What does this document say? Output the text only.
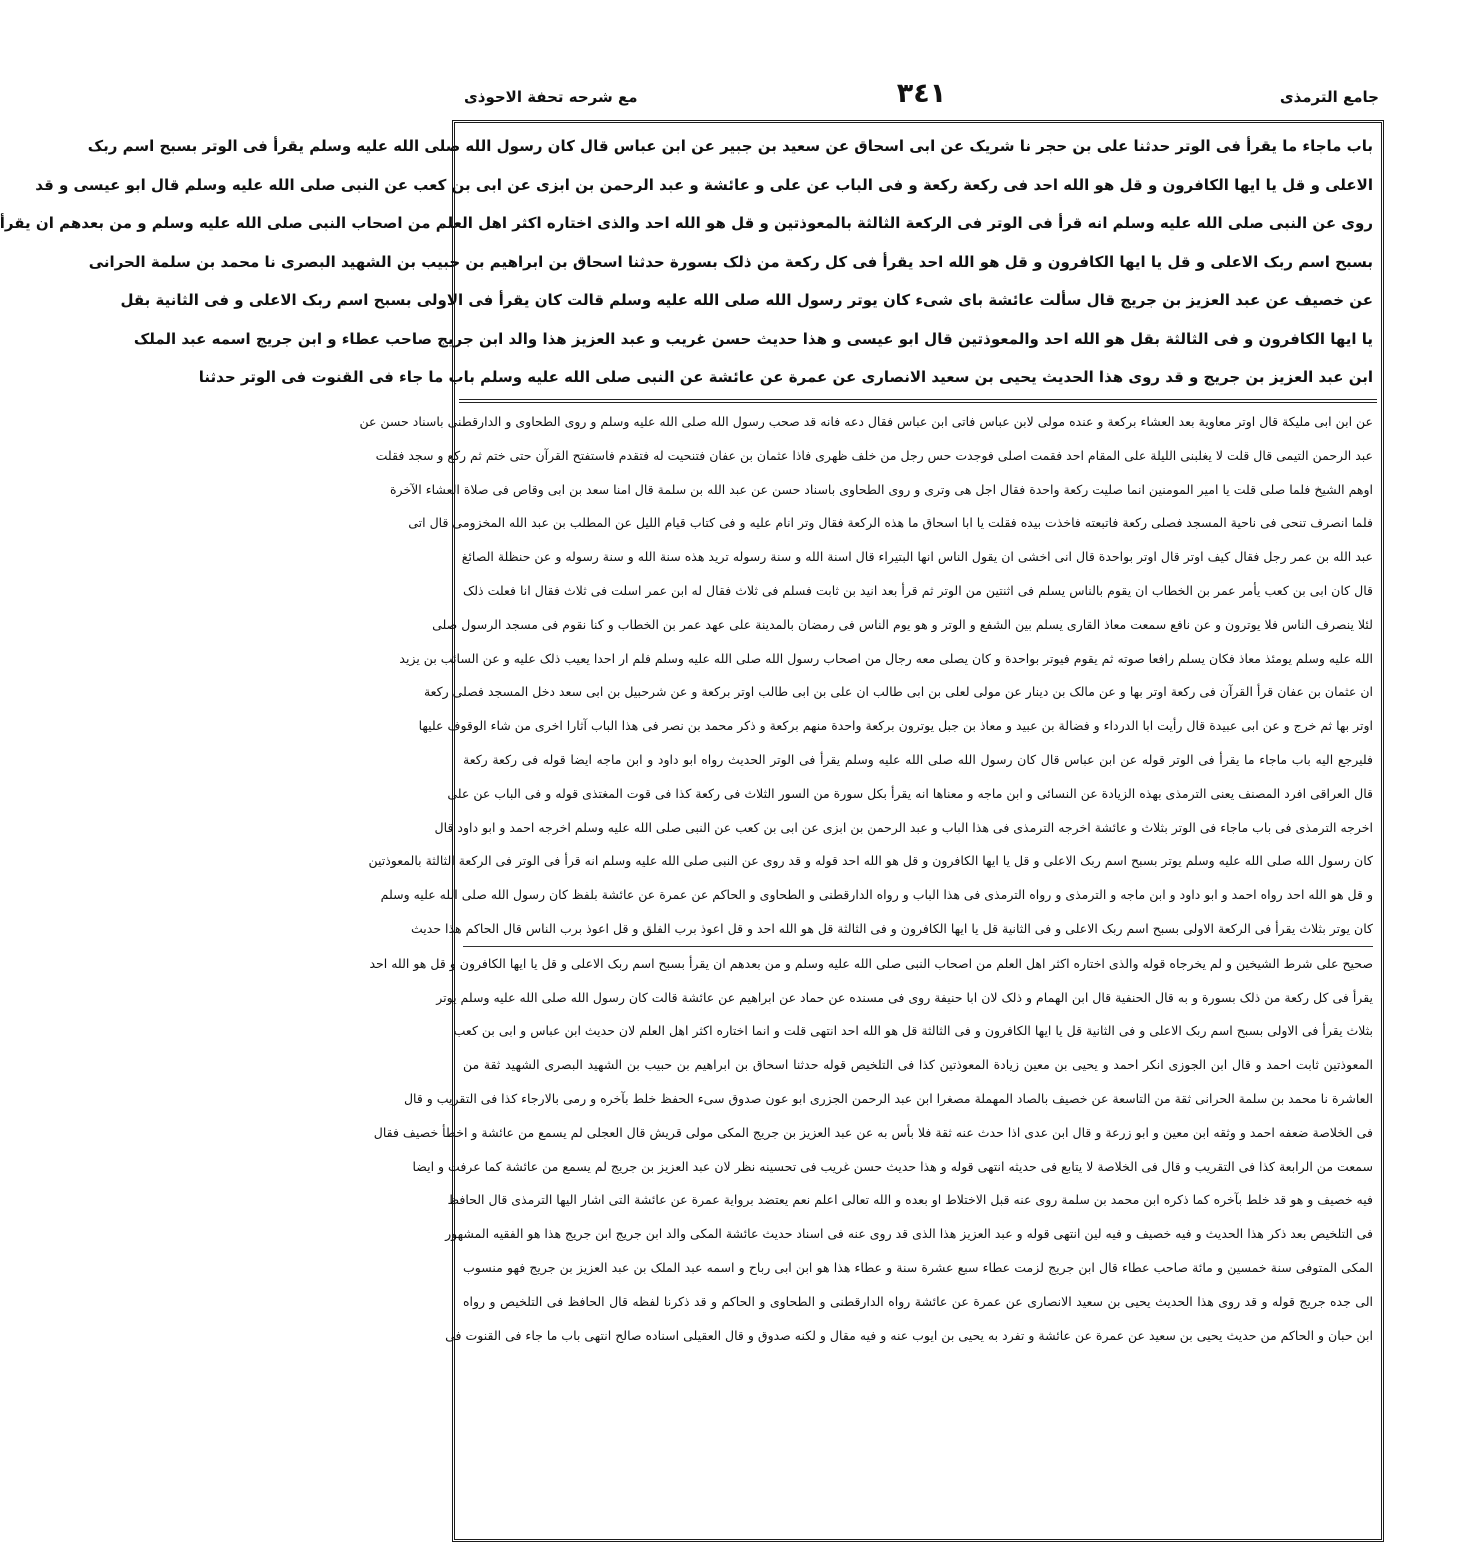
جامع الترمذی
٣٤١
مع شرحه تحفة الاحوذی
باب ماجاء ما یقرأ فی الوتر حدثنا علی بن حجر نا شریک عن ابی اسحاق عن سعید بن جبیر عن ابن عباس قال کان رسول الله صلی الله علیه وسلم یقرأ فی الوتر بسبح اسم ربک
الاعلی و قل یا ایها الکافرون و قل هو الله احد فی رکعة رکعة و فی الباب عن علی و عائشة و عبد الرحمن بن ابزی عن ابی بن کعب عن النبی صلی الله علیه وسلم قال ابو عیسی و قد
روی عن النبی صلی الله علیه وسلم انه قرأ فی الوتر فی الرکعة الثالثة بالمعوذتین و قل هو الله احد والذی اختاره اکثر اهل العلم من اصحاب النبی صلی الله علیه وسلم و من بعدهم ان یقرأ
بسبح اسم ربک الاعلی و قل یا ایها الکافرون و قل هو الله احد یقرأ فی کل رکعة من ذلک بسورة حدثنا اسحاق بن ابراهیم بن حبیب بن الشهید البصری نا محمد بن سلمة الحرانی
عن خصیف عن عبد العزیز بن جریج قال سألت عائشة بای شیء کان یوتر رسول الله صلی الله علیه وسلم قالت کان یقرأ فی الاولی بسبح اسم ربک الاعلی و فی الثانیة بقل
یا ایها الکافرون و فی الثالثة بقل هو الله احد والمعوذتین قال ابو عیسی و هذا حدیث حسن غریب و عبد العزیز هذا والد ابن جریج صاحب عطاء و ابن جریج اسمه عبد الملک
ابن عبد العزیز بن جریج و قد روی هذا الحدیث یحیی بن سعید الانصاری عن عمرة عن عائشة عن النبی صلی الله علیه وسلم باب ما جاء فی القنوت فی الوتر حدثنا
عن ابن ابی ملیکة قال اوتر معاویة بعد العشاء برکعة و عنده مولی لابن عباس فاتی ابن عباس فقال دعه فانه قد صحب رسول الله صلی الله علیه وسلم و روی الطحاوی و الدارقطنی باسناد حسن عن
عبد الرحمن التیمی قال قلت لا یغلبنی اللیلة علی المقام احد فقمت اصلی فوجدت حس رجل من خلف ظهری فاذا عثمان بن عفان فتنحیت له فتقدم فاستفتح القرآن حتی ختم ثم رکع و سجد فقلت
اوهم الشیخ فلما صلی قلت یا امیر المومنین انما صلیت رکعة واحدة فقال اجل هی وتری و روی الطحاوی باسناد حسن عن عبد الله بن سلمة قال امنا سعد بن ابی وقاص فی صلاة العشاء الآخرة
فلما انصرف تنحی فی ناحیة المسجد فصلی رکعة فاتبعته فاخذت بیده فقلت یا ابا اسحاق ما هذه الرکعة فقال وتر انام علیه و فی کتاب قیام اللیل عن المطلب بن عبد الله المخزومی قال اتی
عبد الله بن عمر رجل فقال کیف اوتر قال اوتر بواحدة قال انی اخشی ان یقول الناس انها البتیراء قال اسنة الله و سنة رسوله ترید هذه سنة الله و سنة رسوله و عن حنظلة الصائغ
قال کان ابی بن کعب یأمر عمر بن الخطاب ان یقوم بالناس یسلم فی اثنتین من الوتر ثم قرأ بعد انید بن ثابت فسلم فی ثلاث فقال له ابن عمر اسلت فی ثلاث فقال انا فعلت ذلک
لئلا ینصرف الناس فلا یوترون و عن نافع سمعت معاذ القاری یسلم بین الشفع و الوتر و هو یوم الناس فی رمضان بالمدینة علی عهد عمر بن الخطاب و کنا نقوم فی مسجد الرسول صلی
الله علیه وسلم یومئذ معاذ فکان یسلم رافعا صوته ثم یقوم فیوتر بواحدة و کان یصلی معه رجال من اصحاب رسول الله صلی الله علیه وسلم فلم ار احدا یعیب ذلک علیه و عن السائب بن یزید
ان عثمان بن عفان قرأ القرآن فی رکعة اوتر بها و عن مالک بن دینار عن مولی لعلی بن ابی طالب ان علی بن ابی طالب اوتر برکعة و عن شرحبیل بن ابی سعد دخل المسجد فصلی رکعة
اوتر بها ثم خرج و عن ابی عبیدة قال رأیت ابا الدرداء و فضالة بن عبید و معاذ بن جبل یوترون برکعة واحدة منهم برکعة و ذکر محمد بن نصر فی هذا الباب آثارا اخری من شاء الوقوف علیها
فلیرجع الیه باب ماجاء ما یقرأ فی الوتر قوله عن ابن عباس قال کان رسول الله صلی الله علیه وسلم یقرأ فی الوتر الحدیث رواه ابو داود و ابن ماجه ایضا قوله فی رکعة رکعة
قال العراقی افرد المصنف یعنی الترمذی بهذه الزیادة عن النسائی و ابن ماجه و معناها انه یقرأ بکل سورة من السور الثلاث فی رکعة کذا فی قوت المغتذی قوله و فی الباب عن علی
اخرجه الترمذی فی باب ماجاء فی الوتر بثلاث و عائشة اخرجه الترمذی فی هذا الباب و عبد الرحمن بن ابزی عن ابی بن کعب عن النبی صلی الله علیه وسلم اخرجه احمد و ابو داود قال
کان رسول الله صلی الله علیه وسلم یوتر بسبح اسم ربک الاعلی و قل یا ایها الکافرون و قل هو الله احد قوله و قد روی عن النبی صلی الله علیه وسلم انه قرأ فی الوتر فی الرکعة الثالثة بالمعوذتین
و قل هو الله احد رواه احمد و ابو داود و ابن ماجه و الترمذی و رواه الترمذی فی هذا الباب و رواه الدارقطنی و الطحاوی و الحاکم عن عمرة عن عائشة بلفظ کان رسول الله صلی الله علیه وسلم
کان یوتر بثلاث یقرأ فی الرکعة الاولی بسبح اسم ربک الاعلی و فی الثانیة قل یا ایها الکافرون و فی الثالثة قل هو الله احد و قل اعوذ برب الفلق و قل اعوذ برب الناس قال الحاکم هذا حدیث
صحیح علی شرط الشیخین و لم یخرجاه قوله والذی اختاره اکثر اهل العلم من اصحاب النبی صلی الله علیه وسلم و من بعدهم ان یقرأ بسبح اسم ربک الاعلی و قل یا ایها الکافرون و قل هو الله احد
یقرأ فی کل رکعة من ذلک بسورة و به قال الحنفیة قال ابن الهمام و ذلک لان ابا حنیفة روی فی مسنده عن حماد عن ابراهیم عن عائشة قالت کان رسول الله صلی الله علیه وسلم یوتر
بثلاث یقرأ فی الاولی بسبح اسم ربک الاعلی و فی الثانیة قل یا ایها الکافرون و فی الثالثة قل هو الله احد انتهی قلت و انما اختاره اکثر اهل العلم لان حدیث ابن عباس و ابی بن کعب
المعوذتین ثابت احمد و قال ابن الجوزی انکر احمد و یحیی بن معین زیادة المعوذتین کذا فی التلخیص قوله حدثنا اسحاق بن ابراهیم بن حبیب بن الشهید البصری الشهید ثقة من
العاشرة نا محمد بن سلمة الحرانی ثقة من التاسعة عن خصیف بالصاد المهملة مصغرا ابن عبد الرحمن الجزری ابو عون صدوق سیء الحفظ خلط بآخره و رمی بالارجاء کذا فی التقریب و قال
فی الخلاصة ضعفه احمد و وثقه ابن معین و ابو زرعة و قال ابن عدی اذا حدث عنه ثقة فلا بأس به عن عبد العزیز بن جریج المکی مولی قریش قال العجلی لم یسمع من عائشة و اخطأ خصیف فقال
سمعت من الرابعة کذا فی التقریب و قال فی الخلاصة لا یتابع فی حدیثه انتهی قوله و هذا حدیث حسن غریب فی تحسینه نظر لان عبد العزیز بن جریج لم یسمع من عائشة کما عرفت و ایضا
فیه خصیف و هو قد خلط بآخره کما ذکره ابن محمد بن سلمة روی عنه قبل الاختلاط او بعده و الله تعالی اعلم نعم یعتضد بروایة عمرة عن عائشة التی اشار الیها الترمذی قال الحافظ
فی التلخیص بعد ذکر هذا الحدیث و فیه خصیف و فیه لین انتهی قوله و عبد العزیز هذا الذی قد روی عنه فی اسناد حدیث عائشة المکی والد ابن جریج ابن جریج هذا هو الفقیه المشهور
المکی المتوفی سنة خمسین و مائة صاحب عطاء قال ابن جریج لزمت عطاء سبع عشرة سنة و عطاء هذا هو ابن ابی رباح و اسمه عبد الملک بن عبد العزیز بن جریج فهو منسوب
الی جده جریج قوله و قد روی هذا الحدیث یحیی بن سعید الانصاری عن عمرة عن عائشة رواه الدارقطنی و الطحاوی و الحاکم و قد ذکرنا لفظه قال الحافظ فی التلخیص و رواه
ابن حبان و الحاکم من حدیث یحیی بن سعید عن عمرة عن عائشة و تفرد به یحیی بن ایوب عنه و فیه مقال و لکنه صدوق و قال العقیلی اسناده صالح انتهی باب ما جاء فی القنوت فی
